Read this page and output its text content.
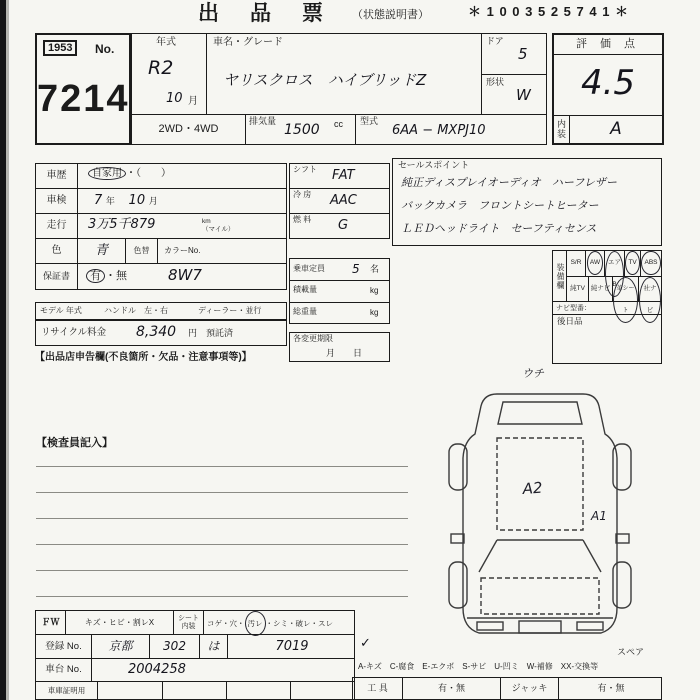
出　品　票 （状態説明書）	＊ 1 0 0 3 5 2 5 7 4 1 ＊
1953	No.
7214
年式
R2
10 月
車名・グレード
ヤリスクロス　ハイブリッドZ
ドア
5
形状
W
2WD・4WD
排気量
1500 cc 型式
6AA − MXPJ10
評 価 点
4.5
内装	A
車歴	自家用 ・（　　）
車検	7 年 10 月
走行	3万5千879	km
（マイル）
色	青	色替	カラーNo.
保証書	有 ・無	8W7
モデル 年式	ハンドル　左・右	ディーラー・並行
リサイクル料金 8,340 円　預託済
【出品店申告欄(不良箇所・欠品・注意事項等)】
シフト FAT
冷 房 AAC
燃 料 G
乗車定員 5 名
積載量	kg
総重量	kg
各変更期限
月　　日
セールスポイント
純正ディスプレイオーディオ　ハーフレザー
バックカメラ　フロントシートヒーター
ＬＥＤヘッドライト　セーフティセンス
装備欄 S/R	AW	エアB
TV	ABS
純TV 純ナビ	革シート
社ナビ
ナビ型番：
後日品
ウチ
A2
A1
スペア
【検査員記入】
ＦＷ	キズ・ヒビ・割レX	シート内装	コゲ・穴・ 汚レ ・シミ・破レ・スレ
登録 No.	京都	302	は	7019	✓
車台 No.	2004258
車庫証明用
A-キズ　C-腐食　E-エクボ　S-サビ　U-凹ミ　W-補修　XX-交換等
工 具	有・無	ジャッキ	有・無
